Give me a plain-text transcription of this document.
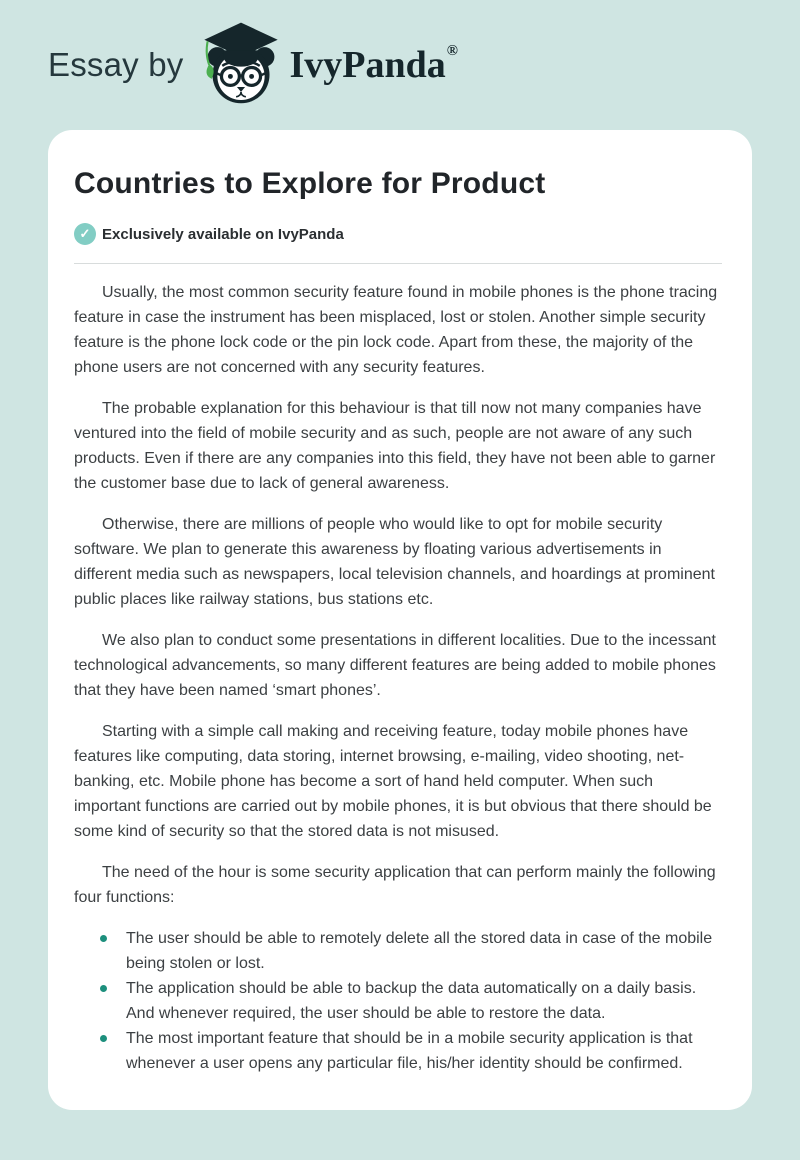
Essay by	IvyPanda ®
Countries to Explore for Product
✓ Exclusively available on IvyPanda

Usually, the most common security feature found in mobile phones is the phone tracing feature in case the instrument has been misplaced, lost or stolen. Another simple security feature is the phone lock code or the pin lock code. Apart from these, the majority of the phone users are not concerned with any security features.

The probable explanation for this behaviour is that till now not many companies have ventured into the field of mobile security and as such, people are not aware of any such products. Even if there are any companies into this field, they have not been able to garner the customer base due to lack of general awareness.

Otherwise, there are millions of people who would like to opt for mobile security software. We plan to generate this awareness by floating various advertisements in different media such as newspapers, local television channels, and hoardings at prominent public places like railway stations, bus stations etc.

We also plan to conduct some presentations in different localities. Due to the incessant technological advancements, so many different features are being added to mobile phones that they have been named ‘smart phones’.

Starting with a simple call making and receiving feature, today mobile phones have features like computing, data storing, internet browsing, e-mailing, video shooting, net-banking, etc. Mobile phone has become a sort of hand held computer. When such important functions are carried out by mobile phones, it is but obvious that there should be some kind of security so that the stored data is not misused.

The need of the hour is some security application that can perform mainly the following four functions:

The user should be able to remotely delete all the stored data in case of the mobile being stolen or lost.
The application should be able to backup the data automatically on a daily basis. And whenever required, the user should be able to restore the data.
The most important feature that should be in a mobile security application is that whenever a user opens any particular file, his/her identity should be confirmed.
